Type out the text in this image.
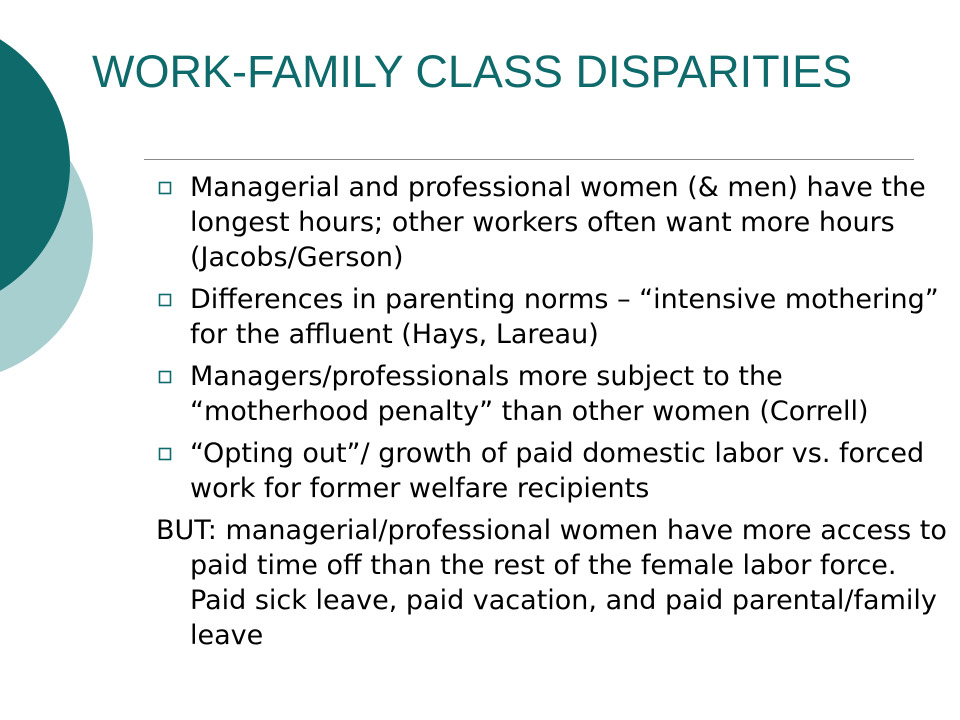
WORK-FAMILY CLASS DISPARITIES
Managerial and professional women (& men) have the longest hours; other workers often want more hours (Jacobs/Gerson)
Differences in parenting norms – “intensive mothering” for the affluent (Hays, Lareau)
Managers/professionals more subject to the “motherhood penalty” than other women (Correll)
“Opting out”/ growth of paid domestic labor vs. forced work for former welfare recipients

BUT: managerial/professional women have more access to paid time off than the rest of the female labor force. Paid sick leave, paid vacation, and paid parental/family leave
